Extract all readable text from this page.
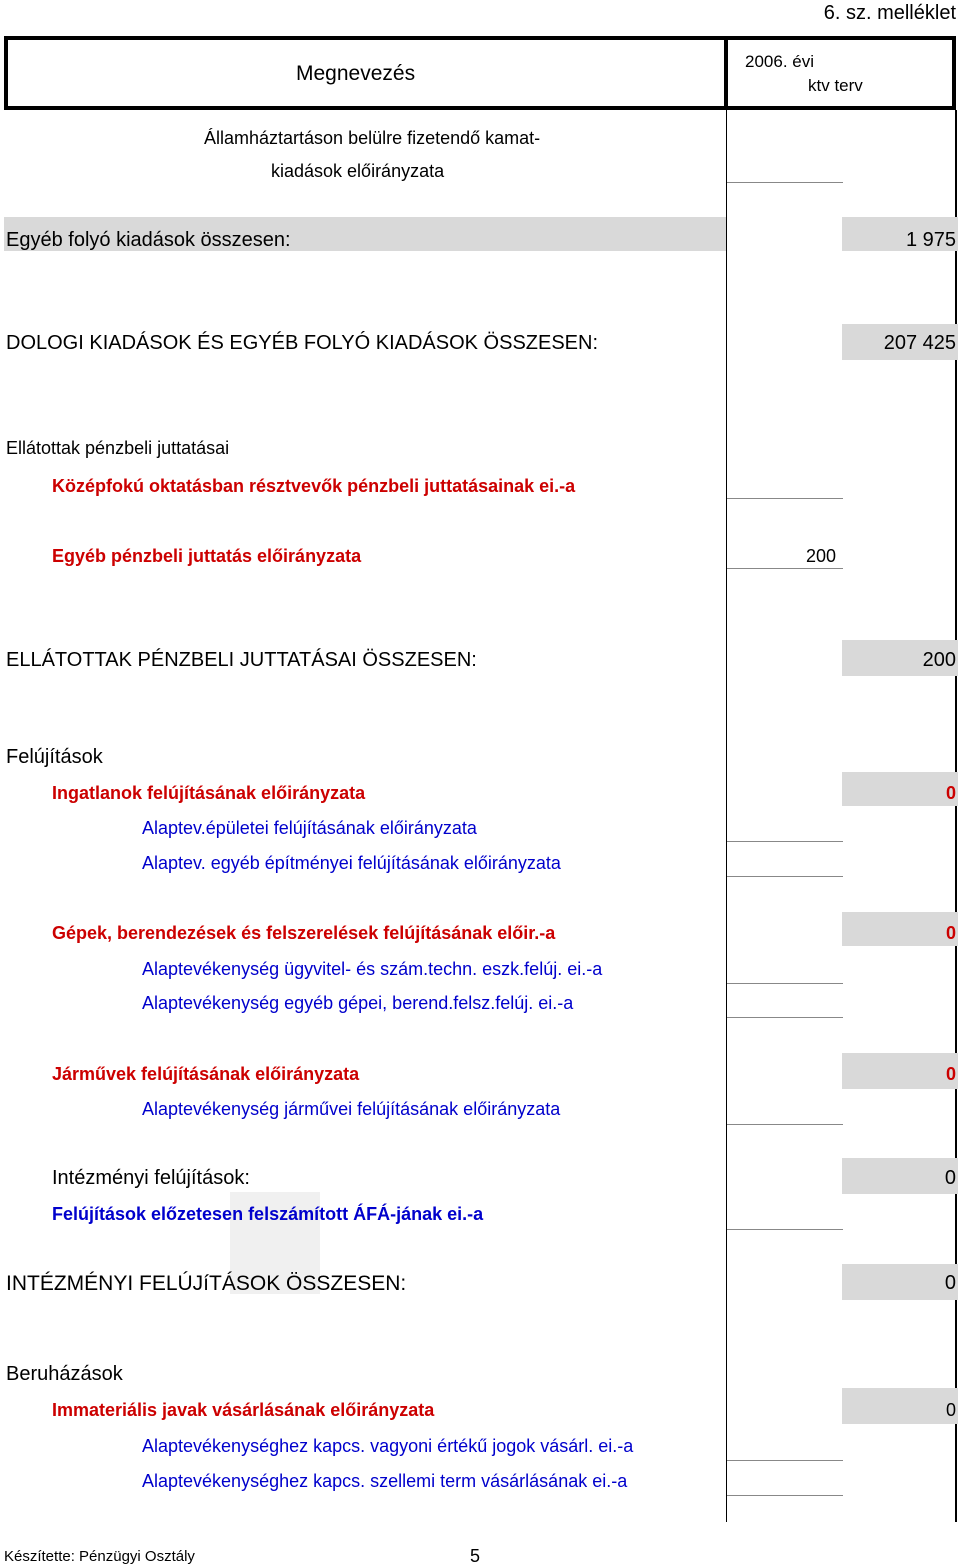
6. sz. melléklet
Megnevezés
2006. évi
ktv terv
Államháztartáson belülre fizetendő kamat-
kiadások előirányzata
Egyéb folyó kiadások összesen:	1 975
DOLOGI KIADÁSOK ÉS EGYÉB FOLYÓ KIADÁSOK ÖSSZESEN:	207 425
Ellátottak pénzbeli juttatásai
Középfokú oktatásban résztvevők pénzbeli juttatásainak ei.-a
Egyéb pénzbeli juttatás előirányzata	200
ELLÁTOTTAK PÉNZBELI JUTTATÁSAI ÖSSZESEN:	200
Felújítások
Ingatlanok felújításának előirányzata	0
Alaptev.épületei felújításának előirányzata
Alaptev. egyéb építményei felújításának előirányzata
Gépek, berendezések és felszerelések felújításának előir.-a	0
Alaptevékenység ügyvitel- és szám.techn. eszk.felúj. ei.-a
Alaptevékenység egyéb gépei, berend.felsz.felúj. ei.-a
Járművek felújításának előirányzata	0
Alaptevékenység járművei felújításának előirányzata
Intézményi felújítások:	0
Felújítások előzetesen felszámított ÁFÁ-jának ei.-a
INTÉZMÉNYI FELÚJíTÁSOK ÖSSZESEN:	0
Beruházások
Immateriális javak vásárlásának előirányzata	0
Alaptevékenységhez kapcs. vagyoni értékű jogok vásárl. ei.-a
Alaptevékenységhez kapcs. szellemi term vásárlásának ei.-a
Készítette: Pénzügyi Osztály	5
